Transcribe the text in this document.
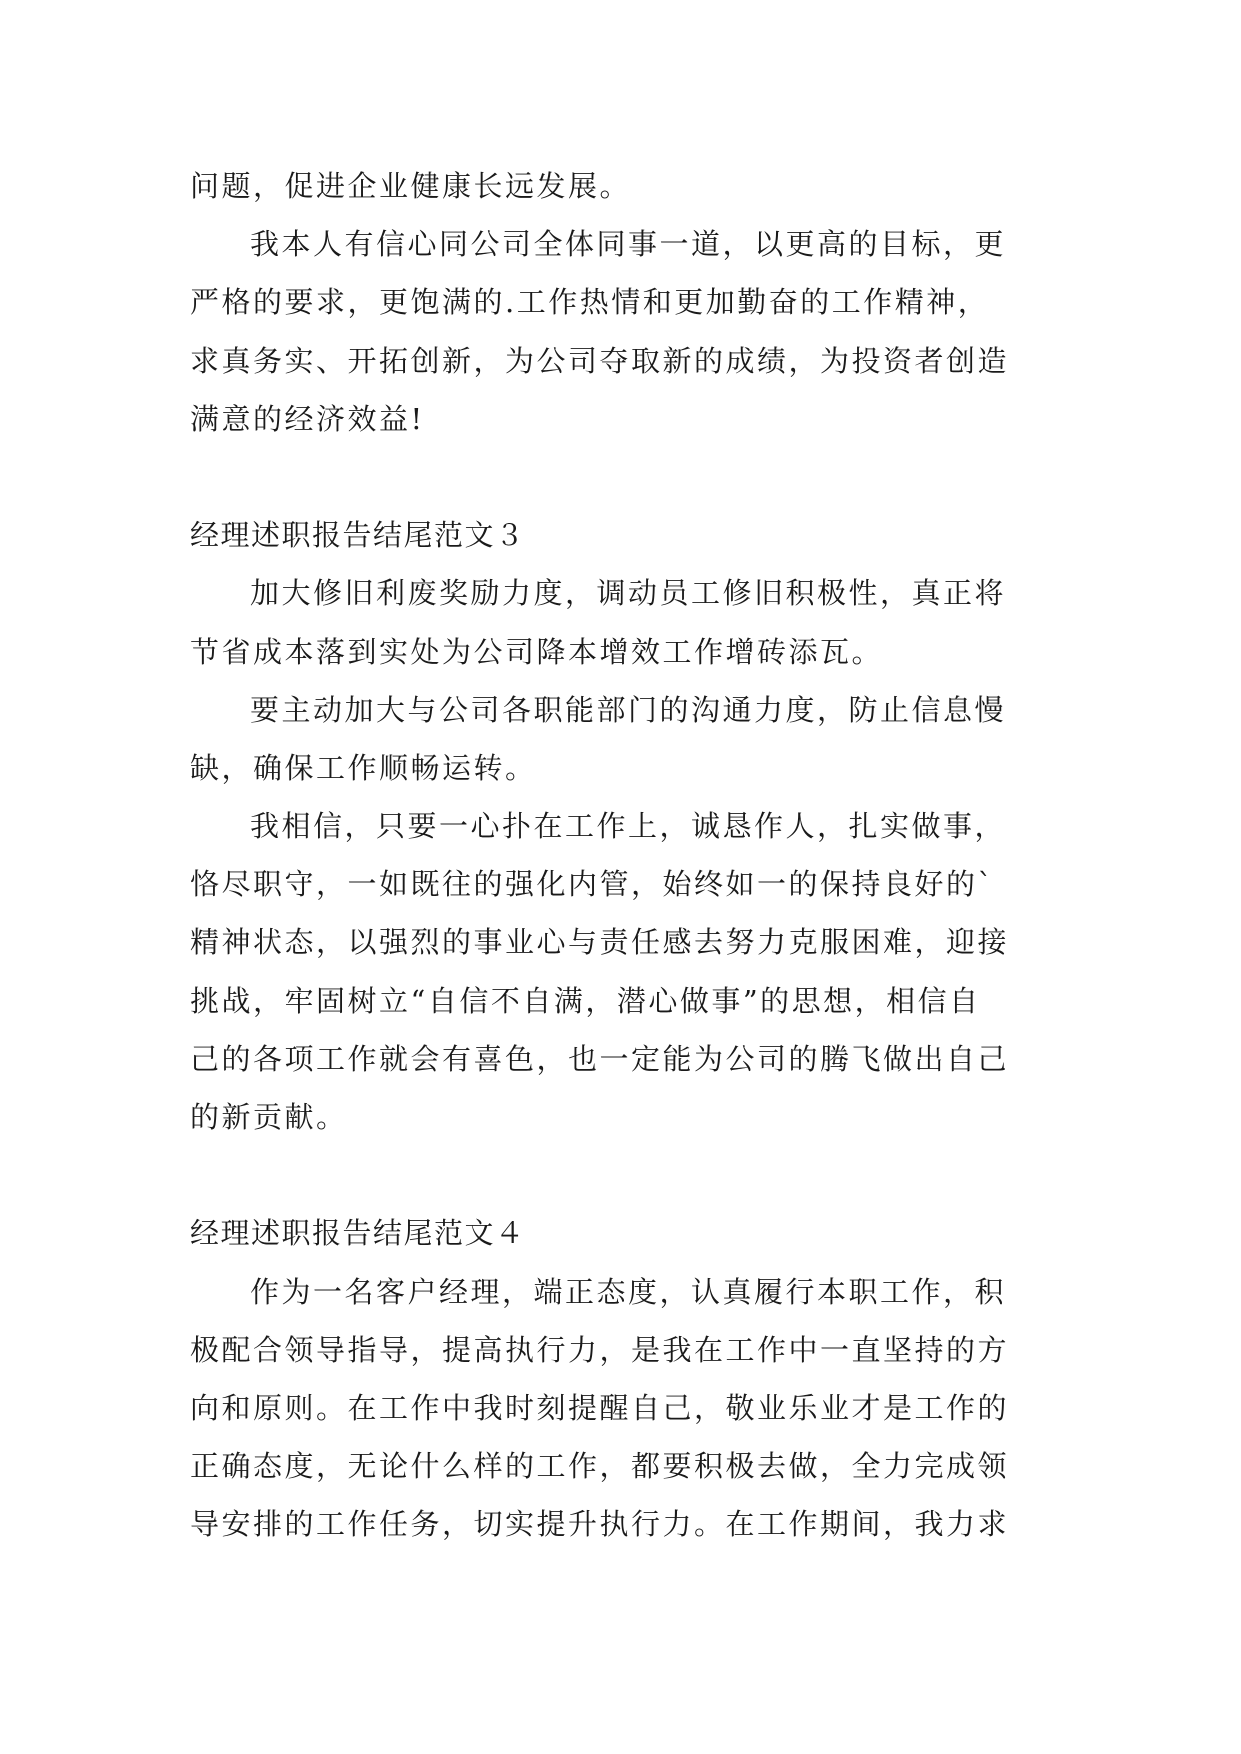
问题，促进企业健康长远发展。
我本人有信心同公司全体同事一道，以更高的目标，更
严格的要求，更饱满的.工作热情和更加勤奋的工作精神，
求真务实、开拓创新，为公司夺取新的成绩，为投资者创造
满意的经济效益!
经理述职报告结尾范文３
加大修旧利废奖励力度，调动员工修旧积极性，真正将
节省成本落到实处为公司降本增效工作增砖添瓦。
要主动加大与公司各职能部门的沟通力度，防止信息慢
缺，确保工作顺畅运转。
我相信，只要一心扑在工作上，诚恳作人，扎实做事，
恪尽职守，一如既往的强化内管，始终如一的保持良好的`
精神状态，以强烈的事业心与责任感去努力克服困难，迎接
挑战，牢固树立“自信不自满，潜心做事”的思想，相信自
己的各项工作就会有喜色，也一定能为公司的腾飞做出自己
的新贡献。
经理述职报告结尾范文４
作为一名客户经理，端正态度，认真履行本职工作，积
极配合领导指导，提高执行力，是我在工作中一直坚持的方
向和原则。在工作中我时刻提醒自己，敬业乐业才是工作的
正确态度，无论什么样的工作，都要积极去做，全力完成领
导安排的工作任务，切实提升执行力。在工作期间，我力求
